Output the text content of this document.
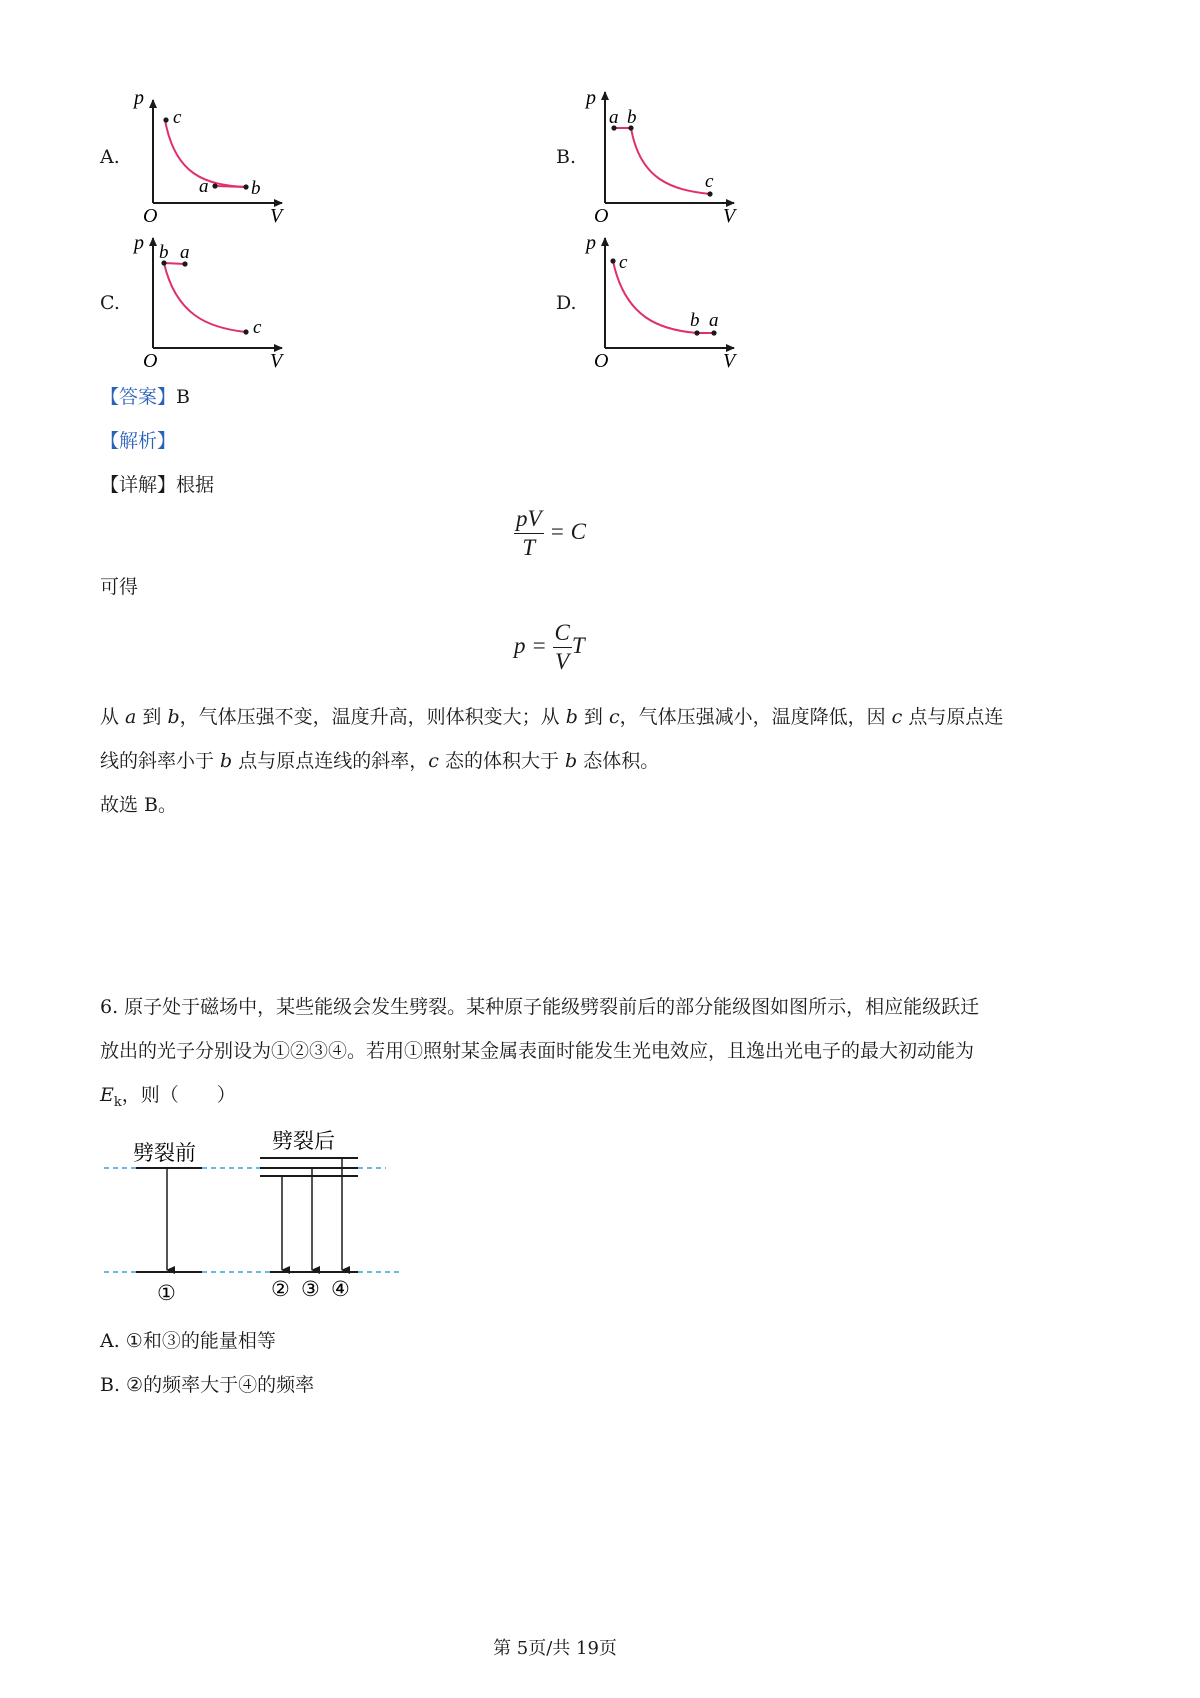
A.	B.
C.	D.
c
a b
p
V
O
a b
c
p
V
O
b a
c
p
V
O
c
b a
p
V
O
【答案】B
【解析】
【详解】根据
$\frac{pV}{T} = C$
可得
$p = \frac{C}{V}$ T
从 a 到 b，气体压强不变，温度升高，则体积变大；从 b 到 c，气体压强减小，温度降低，因 c 点与原点连
线的斜率小于 b 点与原点连线的斜率，c 态的体积大于 b 态体积。
故选 B。
6. 原子处于磁场中，某些能级会发生劈裂。某种原子能级劈裂前后的部分能级图如图所示，相应能级跃迁
放出的光子分别设为①②③④。若用①照射某金属表面时能发生光电效应，且逸出光电子的最大初动能为
$E_k$，则（　　）
劈裂前	劈裂后
①	② ③ ④
A. ①和③的能量相等
B. ②的频率大于④的频率
第 5页/共 19页
